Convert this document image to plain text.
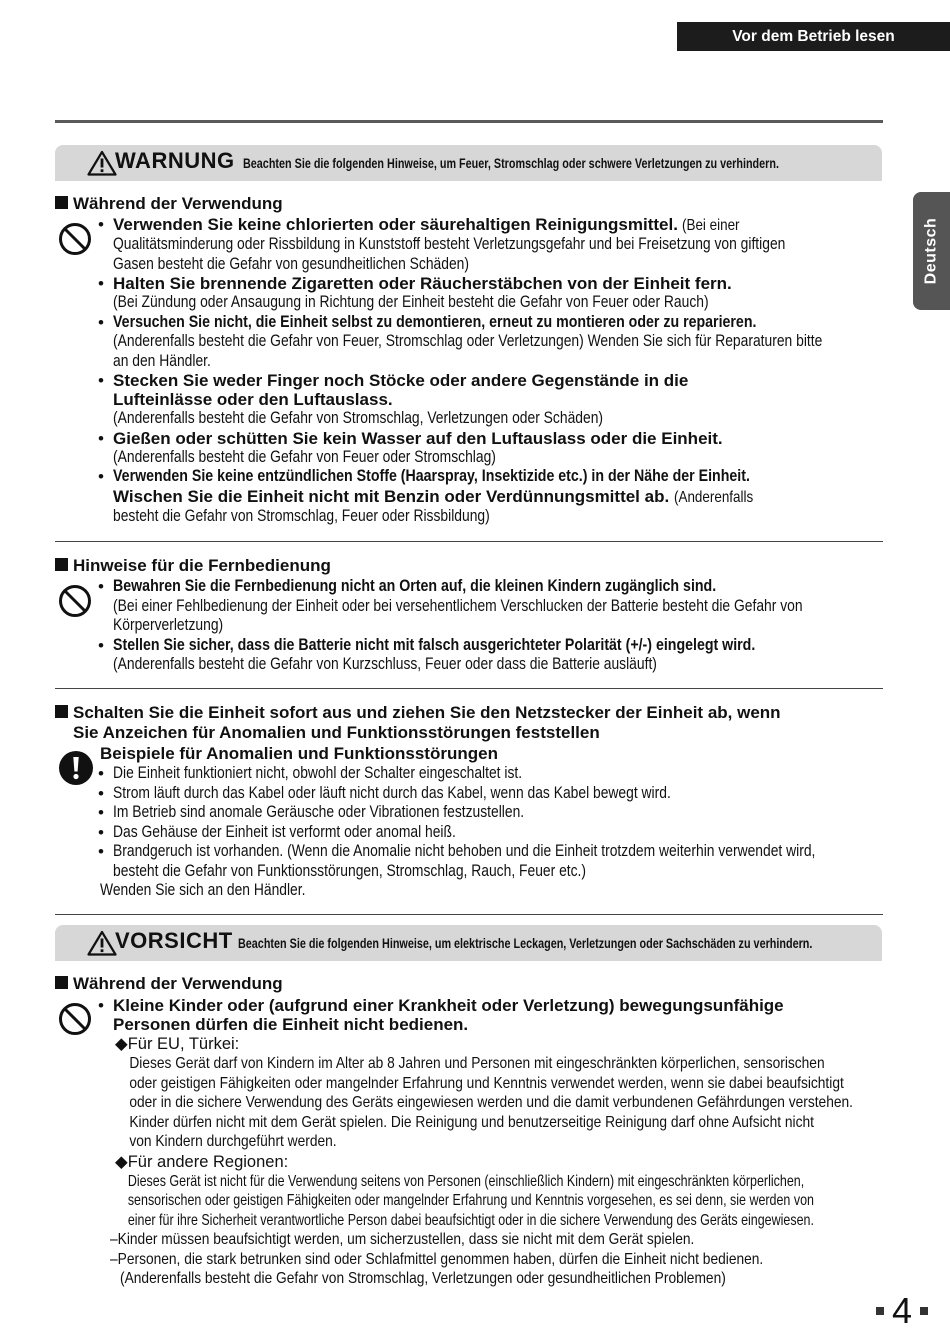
Vor dem Betrieb lesen
Deutsch
WARNUNG Beachten Sie die folgenden Hinweise, um Feuer, Stromschlag oder schwere Verletzungen zu verhindern.
Während der Verwendung
• Verwenden Sie keine chlorierten oder säurehaltigen Reinigungsmittel. (Bei einer
Qualitätsminderung oder Rissbildung in Kunststoff besteht Verletzungsgefahr und bei Freisetzung von giftigen
Gasen besteht die Gefahr von gesundheitlichen Schäden)
• Halten Sie brennende Zigaretten oder Räucherstäbchen von der Einheit fern.
(Bei Zündung oder Ansaugung in Richtung der Einheit besteht die Gefahr von Feuer oder Rauch)
• Versuchen Sie nicht, die Einheit selbst zu demontieren, erneut zu montieren oder zu reparieren.
(Anderenfalls besteht die Gefahr von Feuer, Stromschlag oder Verletzungen) Wenden Sie sich für Reparaturen bitte
an den Händler.
• Stecken Sie weder Finger noch Stöcke oder andere Gegenstände in die
Lufteinlässe oder den Luftauslass.
(Anderenfalls besteht die Gefahr von Stromschlag, Verletzungen oder Schäden)
• Gießen oder schütten Sie kein Wasser auf den Luftauslass oder die Einheit.
(Anderenfalls besteht die Gefahr von Feuer oder Stromschlag)
• Verwenden Sie keine entzündlichen Stoffe (Haarspray, Insektizide etc.) in der Nähe der Einheit.
Wischen Sie die Einheit nicht mit Benzin oder Verdünnungsmittel ab. (Anderenfalls
besteht die Gefahr von Stromschlag, Feuer oder Rissbildung)
Hinweise für die Fernbedienung
• Bewahren Sie die Fernbedienung nicht an Orten auf, die kleinen Kindern zugänglich sind.
(Bei einer Fehlbedienung der Einheit oder bei versehentlichem Verschlucken der Batterie besteht die Gefahr von
Körperverletzung)
• Stellen Sie sicher, dass die Batterie nicht mit falsch ausgerichteter Polarität (+/-) eingelegt wird.
(Anderenfalls besteht die Gefahr von Kurzschluss, Feuer oder dass die Batterie ausläuft)
Schalten Sie die Einheit sofort aus und ziehen Sie den Netzstecker der Einheit ab, wenn
Sie Anzeichen für Anomalien und Funktionsstörungen feststellen
Beispiele für Anomalien und Funktionsstörungen
• Die Einheit funktioniert nicht, obwohl der Schalter eingeschaltet ist.
• Strom läuft durch das Kabel oder läuft nicht durch das Kabel, wenn das Kabel bewegt wird.
• Im Betrieb sind anomale Geräusche oder Vibrationen festzustellen.
• Das Gehäuse der Einheit ist verformt oder anomal heiß.
• Brandgeruch ist vorhanden. (Wenn die Anomalie nicht behoben und die Einheit trotzdem weiterhin verwendet wird,
besteht die Gefahr von Funktionsstörungen, Stromschlag, Rauch, Feuer etc.)
Wenden Sie sich an den Händler.
VORSICHT Beachten Sie die folgenden Hinweise, um elektrische Leckagen, Verletzungen oder Sachschäden zu verhindern.
Während der Verwendung
• Kleine Kinder oder (aufgrund einer Krankheit oder Verletzung) bewegungsunfähige
Personen dürfen die Einheit nicht bedienen.
◆Für EU, Türkei:
Dieses Gerät darf von Kindern im Alter ab 8 Jahren und Personen mit eingeschränkten körperlichen, sensorischen
oder geistigen Fähigkeiten oder mangelnder Erfahrung und Kenntnis verwendet werden, wenn sie dabei beaufsichtigt
oder in die sichere Verwendung des Geräts eingewiesen werden und die damit verbundenen Gefährdungen verstehen.
Kinder dürfen nicht mit dem Gerät spielen. Die Reinigung und benutzerseitige Reinigung darf ohne Aufsicht nicht
von Kindern durchgeführt werden.
◆Für andere Regionen:
Dieses Gerät ist nicht für die Verwendung seitens von Personen (einschließlich Kindern) mit eingeschränkten körperlichen,
sensorischen oder geistigen Fähigkeiten oder mangelnder Erfahrung und Kenntnis vorgesehen, es sei denn, sie werden von
einer für ihre Sicherheit verantwortliche Person dabei beaufsichtigt oder in die sichere Verwendung des Geräts eingewiesen.
–Kinder müssen beaufsichtigt werden, um sicherzustellen, dass sie nicht mit dem Gerät spielen.
–Personen, die stark betrunken sind oder Schlafmittel genommen haben, dürfen die Einheit nicht bedienen.
(Anderenfalls besteht die Gefahr von Stromschlag, Verletzungen oder gesundheitlichen Problemen)
4
